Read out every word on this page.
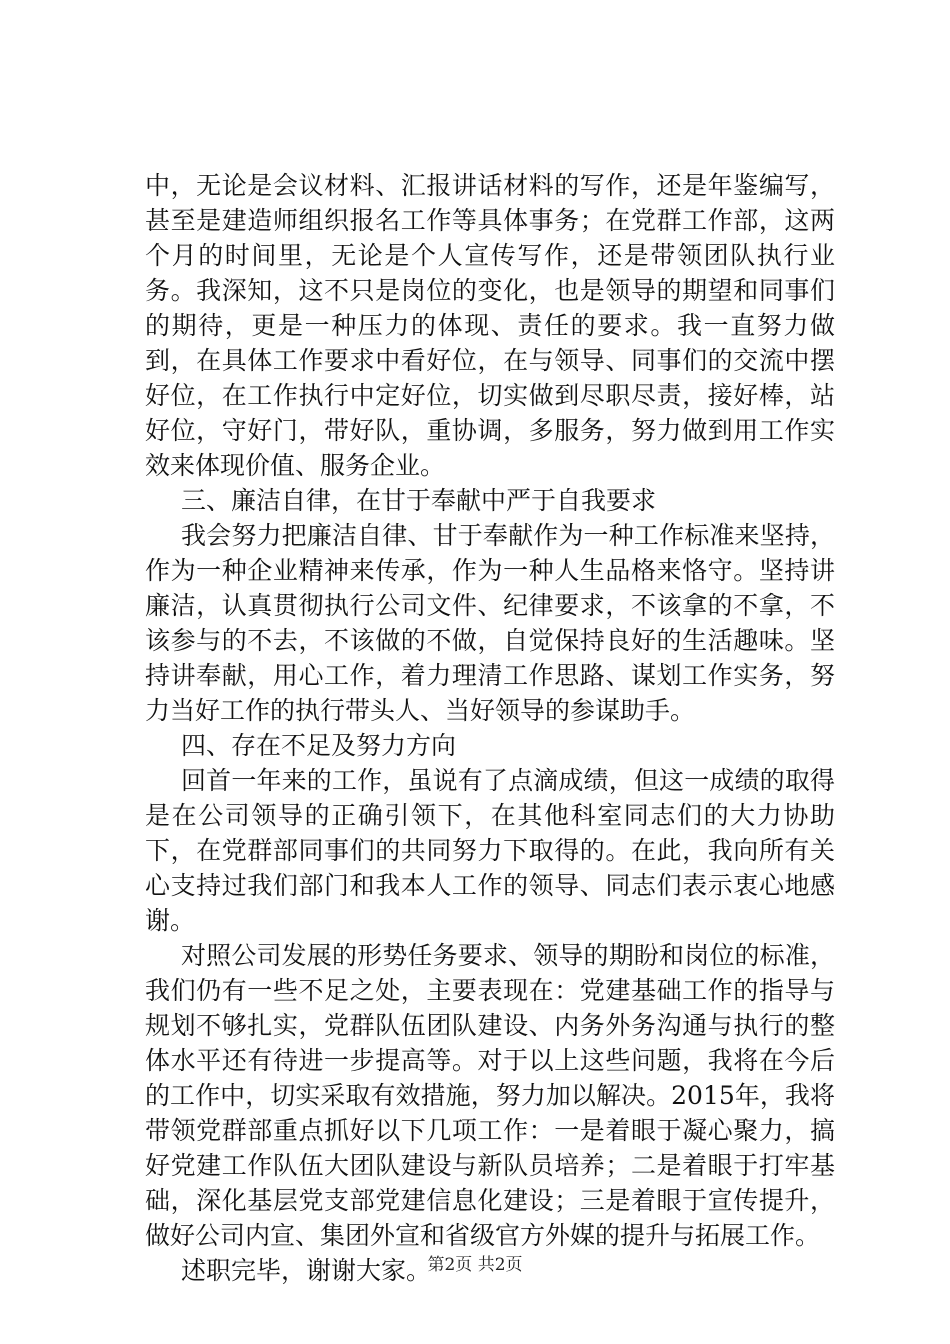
中，无论是会议材料、汇报讲话材料的写作，还是年鉴编写，甚至是建造师组织报名工作等具体事务；在党群工作部，这两个月的时间里，无论是个人宣传写作，还是带领团队执行业务。我深知，这不只是岗位的变化，也是领导的期望和同事们的期待，更是一种压力的体现、责任的要求。我一直努力做到，在具体工作要求中看好位，在与领导、同事们的交流中摆好位，在工作执行中定好位，切实做到尽职尽责，接好棒，站好位，守好门，带好队，重协调，多服务，努力做到用工作实效来体现价值、服务企业。

三、廉洁自律，在甘于奉献中严于自我要求

我会努力把廉洁自律、甘于奉献作为一种工作标准来坚持，作为一种企业精神来传承，作为一种人生品格来恪守。坚持讲廉洁，认真贯彻执行公司文件、纪律要求，不该拿的不拿，不该参与的不去，不该做的不做，自觉保持良好的生活趣味。坚持讲奉献，用心工作，着力理清工作思路、谋划工作实务，努力当好工作的执行带头人、当好领导的参谋助手。

四、存在不足及努力方向

回首一年来的工作，虽说有了点滴成绩，但这一成绩的取得是在公司领导的正确引领下，在其他科室同志们的大力协助下，在党群部同事们的共同努力下取得的。在此，我向所有关心支持过我们部门和我本人工作的领导、同志们表示衷心地感谢。

对照公司发展的形势任务要求、领导的期盼和岗位的标准，我们仍有一些不足之处，主要表现在：党建基础工作的指导与规划不够扎实，党群队伍团队建设、内务外务沟通与执行的整体水平还有待进一步提高等。对于以上这些问题，我将在今后的工作中，切实采取有效措施，努力加以解决。2015年，我将带领党群部重点抓好以下几项工作：一是着眼于凝心聚力，搞好党建工作队伍大团队建设与新队员培养；二是着眼于打牢基础，深化基层党支部党建信息化建设；三是着眼于宣传提升，做好公司内宣、集团外宣和省级官方外媒的提升与拓展工作。

述职完毕，谢谢大家。

第2页 共2页
